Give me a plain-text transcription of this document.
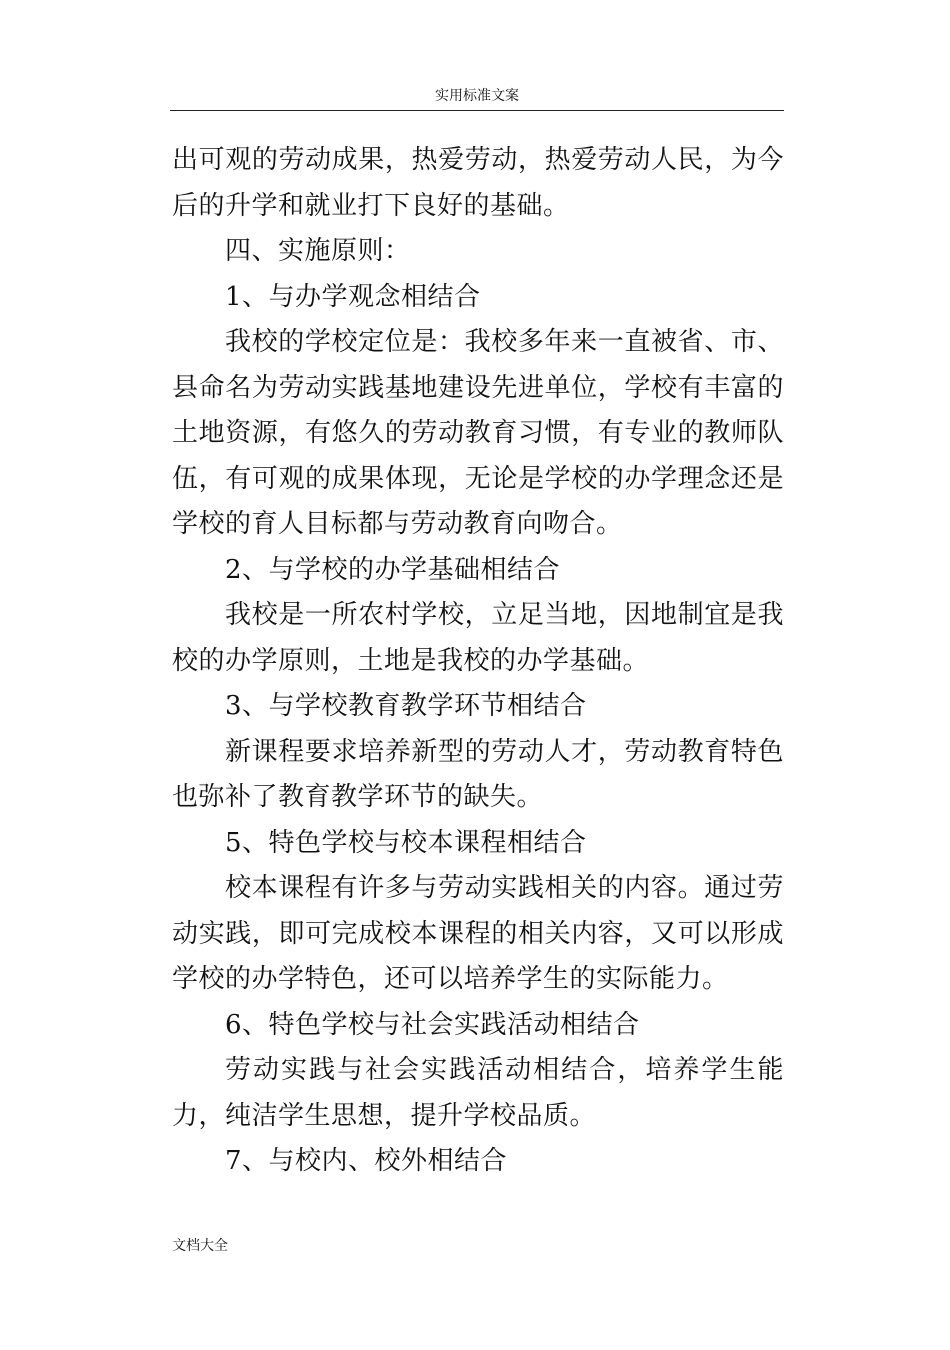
实用标准文案

出可观的劳动成果，热爱劳动，热爱劳动人民，为今后的升学和就业打下良好的基础。

四、实施原则：

1、与办学观念相结合

我校的学校定位是：我校多年来一直被省、市、县命名为劳动实践基地建设先进单位，学校有丰富的土地资源，有悠久的劳动教育习惯，有专业的教师队伍，有可观的成果体现，无论是学校的办学理念还是学校的育人目标都与劳动教育向吻合。

2、与学校的办学基础相结合

我校是一所农村学校，立足当地，因地制宜是我校的办学原则，土地是我校的办学基础。

3、与学校教育教学环节相结合

新课程要求培养新型的劳动人才，劳动教育特色也弥补了教育教学环节的缺失。

5、特色学校与校本课程相结合

校本课程有许多与劳动实践相关的内容。通过劳动实践，即可完成校本课程的相关内容，又可以形成学校的办学特色，还可以培养学生的实际能力。

6、特色学校与社会实践活动相结合

劳动实践与社会实践活动相结合，培养学生能力，纯洁学生思想，提升学校品质。

7、与校内、校外相结合

文档大全
